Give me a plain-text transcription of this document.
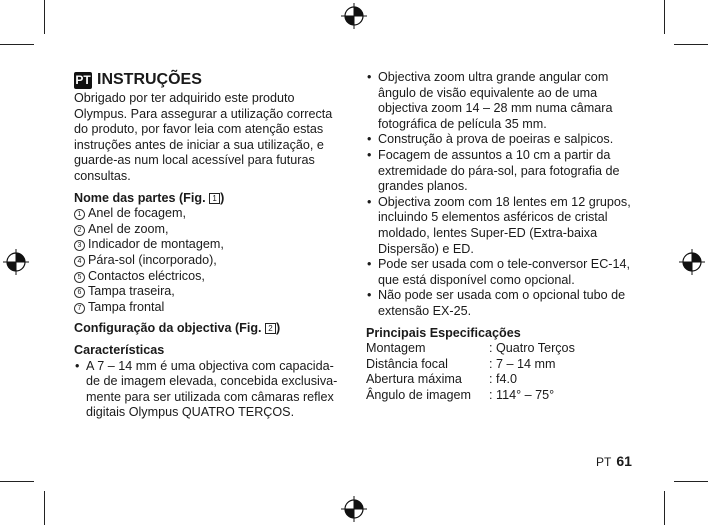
PT INSTRUÇÕES

Obrigado por ter adquirido este produto Olympus. Para assegurar a utilização correcta do produto, por favor leia com atenção estas instruções antes de iniciar a sua utilização, e guarde-as num local acessível para futuras consultas.

Nome das partes (Fig. 1 )

1 Anel de focagem,
2 Anel de zoom,
3 Indicador de montagem,
4 Pára-sol (incorporado),
5 Contactos eléctricos,
6 Tampa traseira,
7 Tampa frontal

Configuração da objectiva (Fig. 2 )

Características

• A 7 – 14 mm é uma objectiva com capacida-de de imagem elevada, concebida exclusiva-mente para ser utilizada com câmaras reflex digitais Olympus QUATRO TERÇOS.
• Objectiva zoom ultra grande angular com ângulo de visão equivalente ao de uma objectiva zoom 14 – 28 mm numa câmara fotográfica de película 35 mm.
• Construção à prova de poeiras e salpicos.
• Focagem de assuntos a 10 cm a partir da extremidade do pára-sol, para fotografia de grandes planos.
• Objectiva zoom com 18 lentes em 12 grupos, incluindo 5 elementos asféricos de cristal moldado, lentes Super-ED (Extra-baixa Dispersão) e ED.
• Pode ser usada com o tele-conversor EC-14, que está disponível como opcional.
• Não pode ser usada com o opcional tubo de extensão EX-25.

Principais Especificações

Montagem	: Quatro Terços
Distância focal	: 7 – 14 mm
Abertura máxima	: f4.0
Ângulo de imagem	: 114° – 75°
PT 61
